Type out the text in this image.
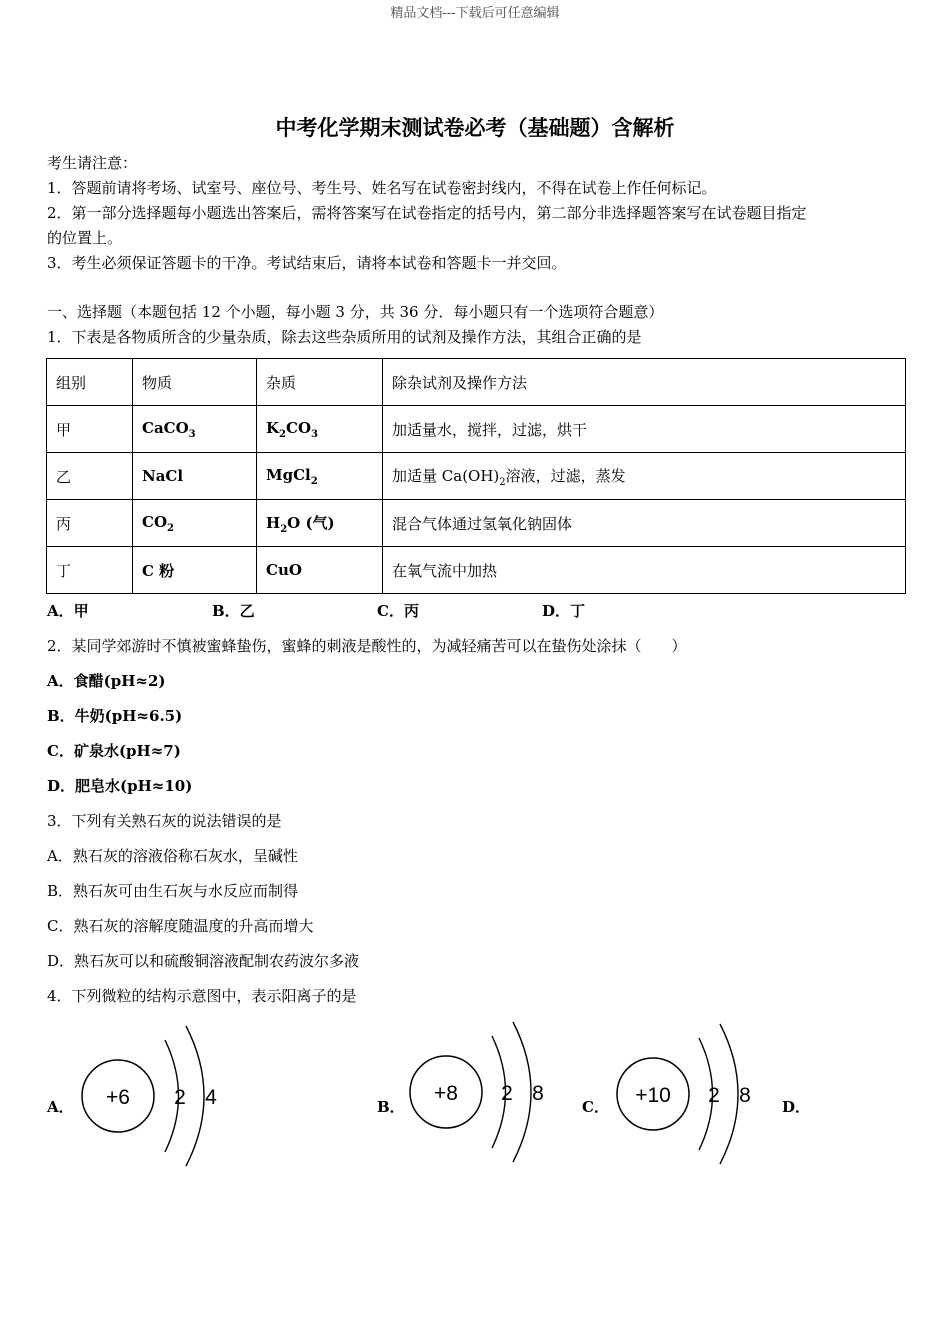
精品文档---下载后可任意编辑
中考化学期末测试卷必考（基础题）含解析
考生请注意：
1．答题前请将考场、试室号、座位号、考生号、姓名写在试卷密封线内，不得在试卷上作任何标记。
2．第一部分选择题每小题选出答案后，需将答案写在试卷指定的括号内，第二部分非选择题答案写在试卷题目指定
的位置上。
3．考生必须保证答题卡的干净。考试结束后，请将本试卷和答题卡一并交回。
一、选择题（本题包括 12 个小题，每小题 3 分，共 36 分．每小题只有一个选项符合题意）
1．下表是各物质所含的少量杂质，除去这些杂质所用的试剂及操作方法，其组合正确的是
组别	物质	杂质	除杂试剂及操作方法
甲	CaCO$_3$	$K_2CO_3$	加适量水，搅拌，过滤，烘干
乙	NaCl	MgCl$_2$	加适量 $Ca(OH)_2$溶液，过滤，蒸发
丙	$CO_2$	$H_2O$ (气)	混合气体通过氢氧化钠固体
丁	C 粉	CuO	在氧气流中加热
A．甲	B．乙	C．丙	D．丁
2．某同学郊游时不慎被蜜蜂蛰伤，蜜蜂的刺液是酸性的，为减轻痛苦可以在蛰伤处涂抹（　　）
A．食醋(pH≈2)
B．牛奶(pH≈6.5)
C．矿泉水(pH≈7)
D．肥皂水(pH≈10)
3．下列有关熟石灰的说法错误的是
A．熟石灰的溶液俗称石灰水，呈碱性
B．熟石灰可由生石灰与水反应而制得
C．熟石灰的溶解度随温度的升高而增大
D．熟石灰可以和硫酸铜溶液配制农药波尔多液
4．下列微粒的结构示意图中，表示阳离子的是
A． +6 2 4	B．
+8 2 8
C． +10 2 8 D．
